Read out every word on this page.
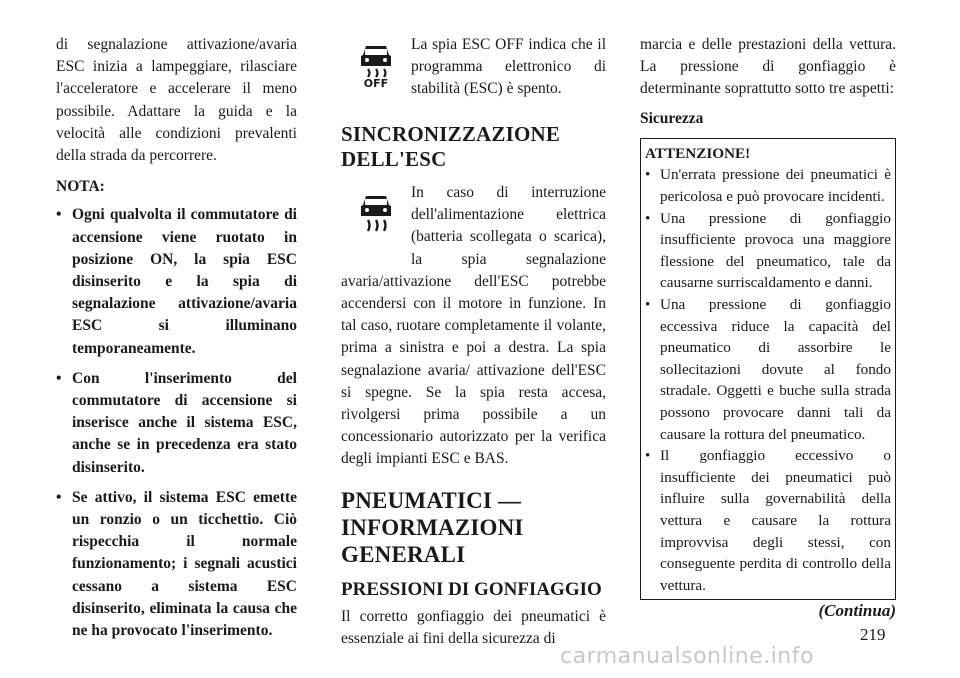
di segnalazione attivazione/avaria ESC inizia a lampeggiare, rilasciare l'acceleratore e accelerare il meno possibile. Adattare la guida e la velocità alle condizioni prevalenti della strada da percorrere.

NOTA:

• Ogni qualvolta il commutatore di accensione viene ruotato in posizione ON, la spia ESC disinserito e la spia di segnalazione attivazione/avaria ESC si illuminano temporaneamente.
• Con l'inserimento del commutatore di accensione si inserisce anche il sistema ESC, anche se in precedenza era stato disinserito.
• Se attivo, il sistema ESC emette un ronzio o un ticchettio. Ciò rispecchia il normale funzionamento; i segnali acustici cessano a sistema ESC disinserito, eliminata la causa che ne ha provocato l'inserimento.
OFF

La spia ESC OFF indica che il programma elettronico di stabilità (ESC) è spento.

SINCRONIZZAZIONE DELL'ESC

In caso di interruzione dell'alimentazione elettrica (batteria scollegata o scarica), la spia segnalazione avaria/attivazione dell'ESC potrebbe accendersi con il motore in funzione. In tal caso, ruotare completamente il volante, prima a sinistra e poi a destra. La spia segnalazione avaria/ attivazione dell'ESC si spegne. Se la spia resta accesa, rivolgersi prima possibile a un concessionario autorizzato per la verifica degli impianti ESC e BAS.

PNEUMATICI — INFORMAZIONI GENERALI
PRESSIONI DI GONFIAGGIO

Il corretto gonfiaggio dei pneumatici è essenziale ai fini della sicurezza di

marcia e delle prestazioni della vettura. La pressione di gonfiaggio è determinante soprattutto sotto tre aspetti:

Sicurezza

ATTENZIONE!

• Un'errata pressione dei pneumatici è pericolosa e può provocare incidenti.
• Una pressione di gonfiaggio insufficiente provoca una maggiore flessione del pneumatico, tale da causarne surriscaldamento e danni.
• Una pressione di gonfiaggio eccessiva riduce la capacità del pneumatico di assorbire le sollecitazioni dovute al fondo stradale. Oggetti e buche sulla strada possono provocare danni tali da causare la rottura del pneumatico.
• Il gonfiaggio eccessivo o insufficiente dei pneumatici può influire sulla governabilità della vettura e causare la rottura improvvisa degli stessi, con conseguente perdita di controllo della vettura.

(Continua)

219
carmanualsonline.info
